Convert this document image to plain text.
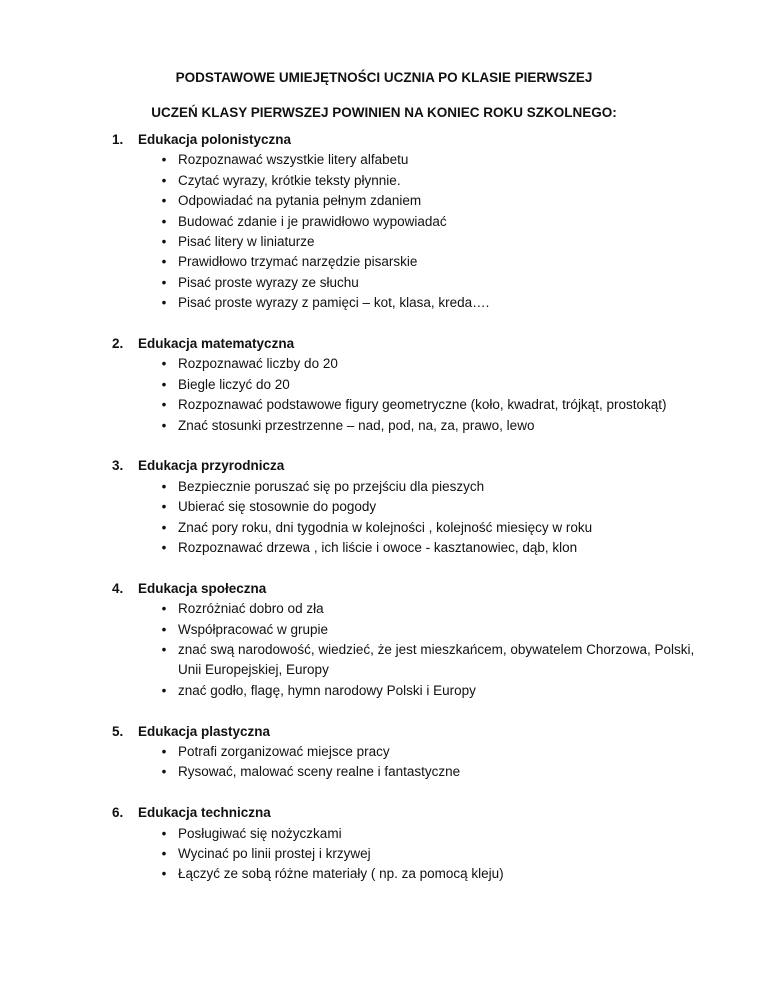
PODSTAWOWE UMIEJĘTNOŚCI UCZNIA PO KLASIE PIERWSZEJ
UCZEŃ KLASY PIERWSZEJ POWINIEN NA KONIEC ROKU SZKOLNEGO:
1. Edukacja polonistyczna
• Rozpoznawać wszystkie litery alfabetu
• Czytać wyrazy, krótkie teksty płynnie.
• Odpowiadać na pytania pełnym zdaniem
• Budować zdanie i je prawidłowo wypowiadać
• Pisać litery w liniaturze
• Prawidłowo trzymać narzędzie pisarskie
• Pisać proste wyrazy ze słuchu
• Pisać proste wyrazy z pamięci – kot, klasa, kreda….
2. Edukacja matematyczna
• Rozpoznawać liczby do 20
• Biegle liczyć do 20
• Rozpoznawać podstawowe figury geometryczne (koło, kwadrat, trójkąt, prostokąt)
• Znać stosunki przestrzenne – nad, pod, na, za, prawo, lewo
3. Edukacja przyrodnicza
• Bezpiecznie poruszać się po przejściu dla pieszych
• Ubierać się stosownie do pogody
• Znać pory roku, dni tygodnia w kolejności , kolejność miesięcy w roku
• Rozpoznawać drzewa , ich liście i owoce - kasztanowiec, dąb, klon
4. Edukacja społeczna
• Rozróżniać dobro od zła
• Współpracować w grupie
• znać swą narodowość, wiedzieć, że jest mieszkańcem, obywatelem Chorzowa, Polski, Unii Europejskiej, Europy
• znać godło, flagę, hymn narodowy Polski i Europy
5. Edukacja plastyczna
• Potrafi zorganizować miejsce pracy
• Rysować, malować sceny realne i fantastyczne
6. Edukacja techniczna
• Posługiwać się nożyczkami
• Wycinać po linii prostej i krzywej
• Łączyć ze sobą różne materiały ( np. za pomocą kleju)
